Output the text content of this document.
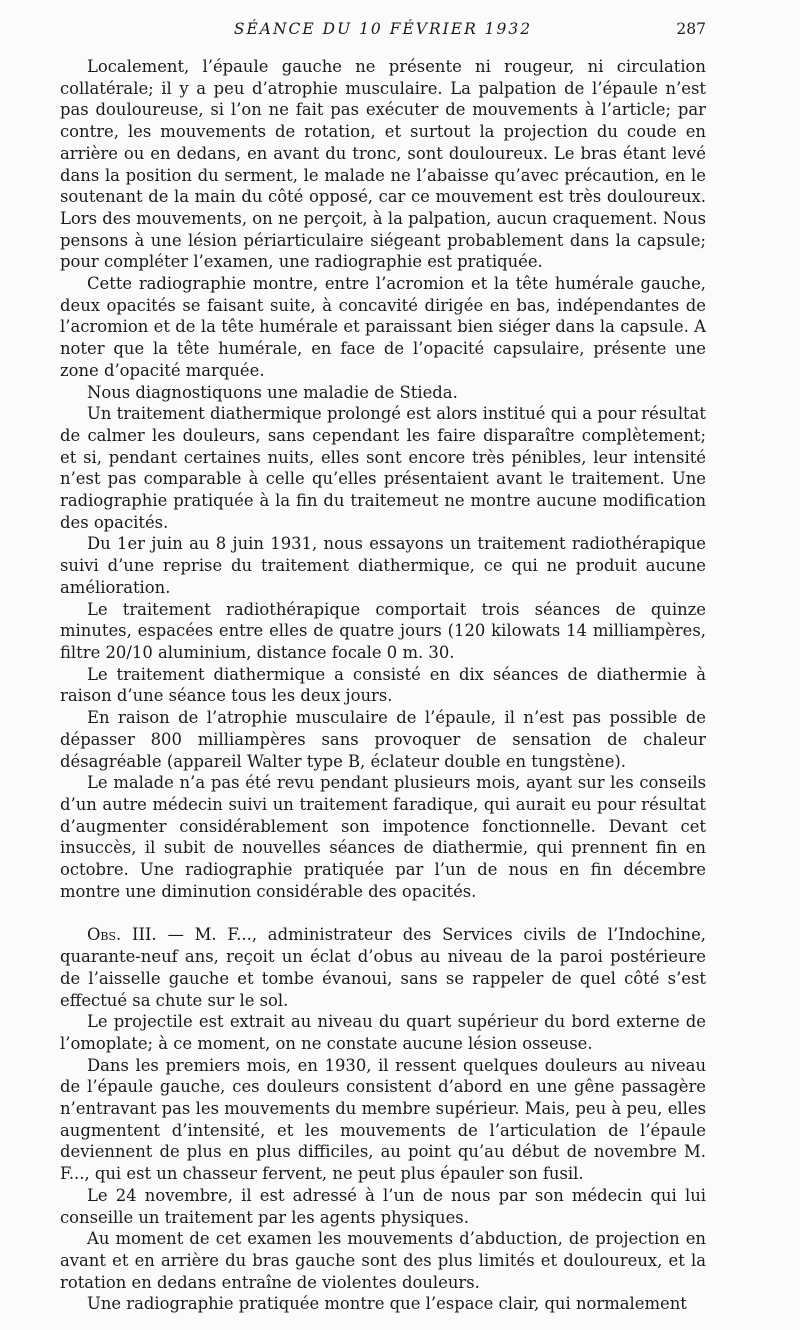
SÉANCE DU 10 FÉVRIER 1932	287

Localement, l’épaule gauche ne présente ni rougeur, ni circulation collatérale; il y a peu d’atrophie musculaire. La palpation de l’épaule n’est pas douloureuse, si l’on ne fait pas exécuter de mouvements à l’article; par contre, les mouvements de rotation, et surtout la projection du coude en arrière ou en dedans, en avant du tronc, sont douloureux. Le bras étant levé dans la position du serment, le malade ne l’abaisse qu’avec précaution, en le soutenant de la main du côté opposé, car ce mouvement est très douloureux. Lors des mouvements, on ne perçoit, à la palpation, aucun craquement. Nous pensons à une lésion périarticulaire siégeant probablement dans la capsule; pour compléter l’examen, une radiographie est pratiquée.

Cette radiographie montre, entre l’acromion et la tête humérale gauche, deux opacités se faisant suite, à concavité dirigée en bas, indépendantes de l’acromion et de la tête humérale et paraissant bien siéger dans la capsule. A noter que la tête humérale, en face de l’opacité capsulaire, présente une zone d’opacité marquée.

Nous diagnostiquons une maladie de Stieda.

Un traitement diathermique prolongé est alors institué qui a pour résultat de calmer les douleurs, sans cependant les faire disparaître complètement; et si, pendant certaines nuits, elles sont encore très pénibles, leur intensité n’est pas comparable à celle qu’elles présentaient avant le traitement. Une radiographie pratiquée à la fin du traitemeut ne montre aucune modification des opacités.

Du 1er juin au 8 juin 1931, nous essayons un traitement radiothérapique suivi d’une reprise du traitement diathermique, ce qui ne produit aucune amélioration.

Le traitement radiothérapique comportait trois séances de quinze minutes, espacées entre elles de quatre jours (120 kilowats 14 milliampères, filtre 20/10 aluminium, distance focale 0 m. 30.

Le traitement diathermique a consisté en dix séances de diathermie à raison d’une séance tous les deux jours.

En raison de l’atrophie musculaire de l’épaule, il n’est pas possible de dépasser 800 milliampères sans provoquer de sensation de chaleur désagréable (appareil Walter type B, éclateur double en tungstène).

Le malade n’a pas été revu pendant plusieurs mois, ayant sur les conseils d’un autre médecin suivi un traitement faradique, qui aurait eu pour résultat d’augmenter considérablement son impotence fonctionnelle. Devant cet insuccès, il subit de nouvelles séances de diathermie, qui prennent fin en octobre. Une radiographie pratiquée par l’un de nous en fin décembre montre une diminution considérable des opacités.

Obs. III. — M. F..., administrateur des Services civils de l’Indochine, quarante-neuf ans, reçoit un éclat d’obus au niveau de la paroi postérieure de l’aisselle gauche et tombe évanoui, sans se rappeler de quel côté s’est effectué sa chute sur le sol.

Le projectile est extrait au niveau du quart supérieur du bord externe de l’omoplate; à ce moment, on ne constate aucune lésion osseuse.

Dans les premiers mois, en 1930, il ressent quelques douleurs au niveau de l’épaule gauche, ces douleurs consistent d’abord en une gêne passagère n’entravant pas les mouvements du membre supérieur. Mais, peu à peu, elles augmentent d’intensité, et les mouvements de l’articulation de l’épaule deviennent de plus en plus difficiles, au point qu’au début de novembre M. F..., qui est un chasseur fervent, ne peut plus épauler son fusil.

Le 24 novembre, il est adressé à l’un de nous par son médecin qui lui conseille un traitement par les agents physiques.

Au moment de cet examen les mouvements d’abduction, de projection en avant et en arrière du bras gauche sont des plus limités et douloureux, et la rotation en dedans entraîne de violentes douleurs.

Une radiographie pratiquée montre que l’espace clair, qui normalement
